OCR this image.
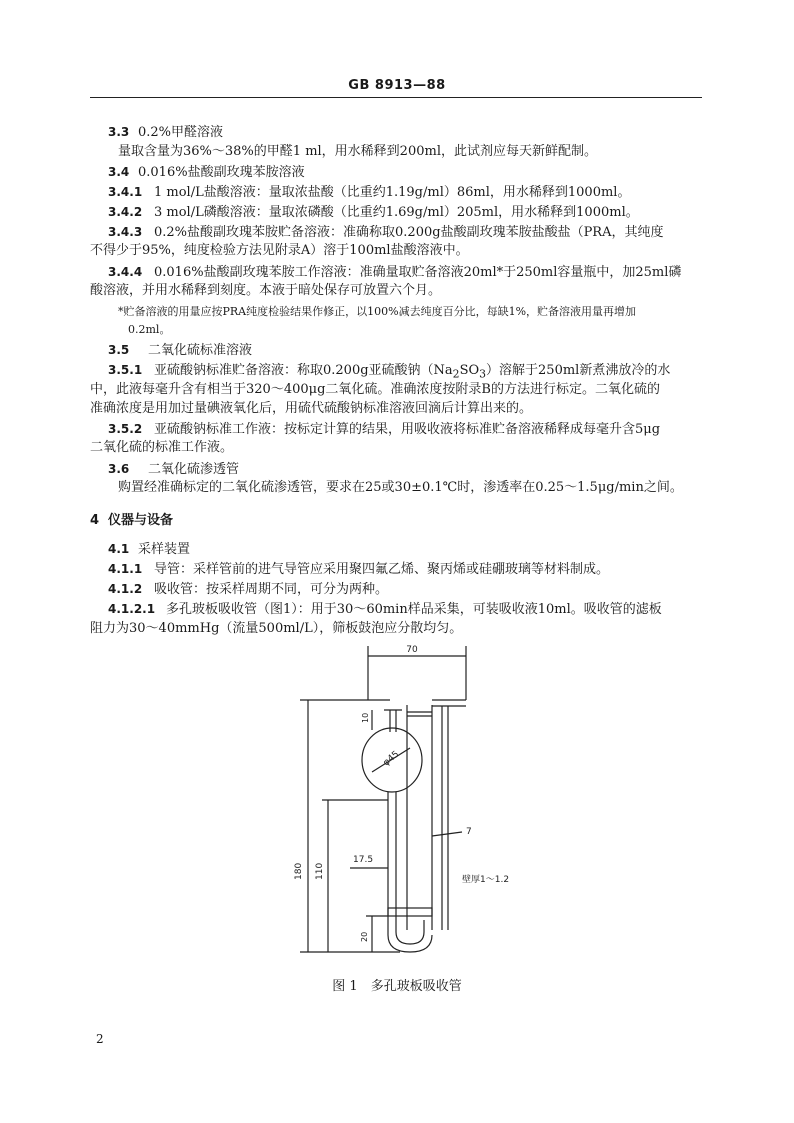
GB 8913—88
3.3 0.2%甲醛溶液
量取含量为36%～38%的甲醛1 ml，用水稀释到200ml，此试剂应每天新鲜配制。
3.4 0.016%盐酸副玫瑰苯胺溶液
3.4.1 1 mol/L盐酸溶液：量取浓盐酸（比重约1.19g/ml）86ml，用水稀释到1000ml。
3.4.2 3 mol/L磷酸溶液：量取浓磷酸（比重约1.69g/ml）205ml，用水稀释到1000ml。
3.4.3 0.2%盐酸副玫瑰苯胺贮备溶液：准确称取0.200g盐酸副玫瑰苯胺盐酸盐（PRA，其纯度
不得少于95%，纯度检验方法见附录A）溶于100ml盐酸溶液中。
3.4.4 0.016%盐酸副玫瑰苯胺工作溶液：准确量取贮备溶液20ml*于250ml容量瓶中，加25ml磷
酸溶液，并用水稀释到刻度。本液于暗处保存可放置六个月。
*贮备溶液的用量应按PRA纯度检验结果作修正，以100%减去纯度百分比，每缺1%，贮备溶液用量再增加
0.2ml。
3.5 二氧化硫标准溶液
3.5.1 亚硫酸钠标准贮备溶液：称取0.200g亚硫酸钠$(Na_2SO_3)$溶解于250ml新煮沸放冷的水
中，此液每毫升含有相当于320～400μg二氧化硫。准确浓度按附录B的方法进行标定。二氧化硫的
准确浓度是用加过量碘液氧化后，用硫代硫酸钠标准溶液回滴后计算出来的。
3.5.2 亚硫酸钠标准工作液：按标定计算的结果，用吸收液将标准贮备溶液稀释成每毫升含5μg
二氧化硫的标准工作液。
3.6 二氧化硫渗透管
购置经准确标定的二氧化硫渗透管，要求在25或30±0.1℃时，渗透率在0.25～1.5μg/min之间。
4 仪器与设备
4.1 采样装置
4.1.1 导管：采样管前的进气导管应采用聚四氟乙烯、聚丙烯或硅硼玻璃等材料制成。
4.1.2 吸收管：按采样周期不同，可分为两种。
4.1.2.1 多孔玻板吸收管（图1）：用于30～60min样品采集，可装吸收液10ml。吸收管的滤板
阻力为30～40mmHg（流量500ml/L），筛板鼓泡应分散均匀。
70
10
φ45
7
17.5
180 110
20
壁厚1～1.2
图 1　多孔玻板吸收管
2
